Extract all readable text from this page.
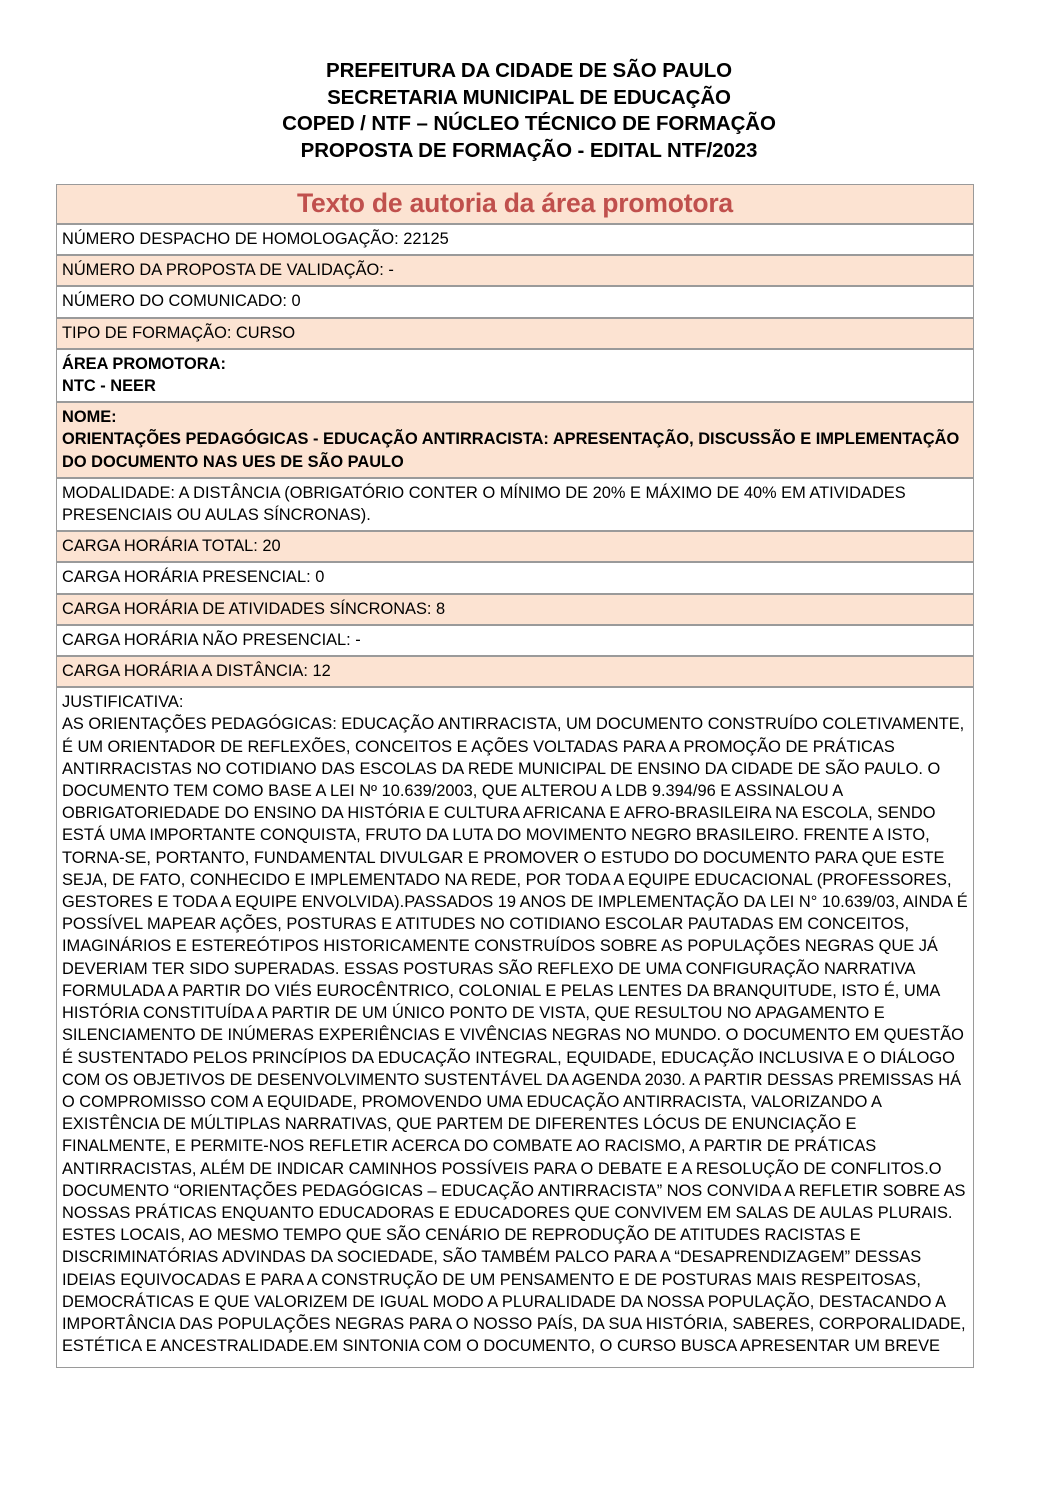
PREFEITURA DA CIDADE DE SÃO PAULO
SECRETARIA MUNICIPAL DE EDUCAÇÃO
COPED / NTF – NÚCLEO TÉCNICO DE FORMAÇÃO
PROPOSTA DE FORMAÇÃO - EDITAL NTF/2023
Texto de autoria da área promotora
NÚMERO DESPACHO DE HOMOLOGAÇÃO: 22125
NÚMERO DA PROPOSTA DE VALIDAÇÃO: -
NÚMERO DO COMUNICADO: 0
TIPO DE FORMAÇÃO: CURSO

ÁREA PROMOTORA:
NTC - NEER

NOME:
ORIENTAÇÕES PEDAGÓGICAS - EDUCAÇÃO ANTIRRACISTA: APRESENTAÇÃO, DISCUSSÃO E IMPLEMENTAÇÃO DO DOCUMENTO NAS UES DE SÃO PAULO

MODALIDADE: A DISTÂNCIA (OBRIGATÓRIO CONTER O MÍNIMO DE 20% E MÁXIMO DE 40% EM ATIVIDADES PRESENCIAIS OU AULAS SÍNCRONAS).
CARGA HORÁRIA TOTAL: 20
CARGA HORÁRIA PRESENCIAL: 0
CARGA HORÁRIA DE ATIVIDADES SÍNCRONAS: 8
CARGA HORÁRIA NÃO PRESENCIAL: -
CARGA HORÁRIA A DISTÂNCIA: 12

JUSTIFICATIVA:
AS ORIENTAÇÕES PEDAGÓGICAS: EDUCAÇÃO ANTIRRACISTA, UM DOCUMENTO CONSTRUÍDO COLETIVAMENTE, É UM ORIENTADOR DE REFLEXÕES, CONCEITOS E AÇÕES VOLTADAS PARA A PROMOÇÃO DE PRÁTICAS ANTIRRACISTAS NO COTIDIANO DAS ESCOLAS DA REDE MUNICIPAL DE ENSINO DA CIDADE DE SÃO PAULO. O DOCUMENTO TEM COMO BASE A LEI Nº 10.639/2003, QUE ALTEROU A LDB 9.394/96 E ASSINALOU A OBRIGATORIEDADE DO ENSINO DA HISTÓRIA E CULTURA AFRICANA E AFRO-BRASILEIRA NA ESCOLA, SENDO ESTÁ UMA IMPORTANTE CONQUISTA, FRUTO DA LUTA DO MOVIMENTO NEGRO BRASILEIRO. FRENTE A ISTO, TORNA-SE, PORTANTO, FUNDAMENTAL DIVULGAR E PROMOVER O ESTUDO DO DOCUMENTO PARA QUE ESTE SEJA, DE FATO, CONHECIDO E IMPLEMENTADO NA REDE, POR TODA A EQUIPE EDUCACIONAL (PROFESSORES, GESTORES E TODA A EQUIPE ENVOLVIDA).PASSADOS 19 ANOS DE IMPLEMENTAÇÃO DA LEI N° 10.639/03, AINDA É POSSÍVEL MAPEAR AÇÕES, POSTURAS E ATITUDES NO COTIDIANO ESCOLAR PAUTADAS EM CONCEITOS, IMAGINÁRIOS E ESTEREÓTIPOS HISTORICAMENTE CONSTRUÍDOS SOBRE AS POPULAÇÕES NEGRAS QUE JÁ DEVERIAM TER SIDO SUPERADAS. ESSAS POSTURAS SÃO REFLEXO DE UMA CONFIGURAÇÃO NARRATIVA FORMULADA A PARTIR DO VIÉS EUROCÊNTRICO, COLONIAL E PELAS LENTES DA BRANQUITUDE, ISTO É, UMA HISTÓRIA CONSTITUÍDA A PARTIR DE UM ÚNICO PONTO DE VISTA, QUE RESULTOU NO APAGAMENTO E SILENCIAMENTO DE INÚMERAS EXPERIÊNCIAS E VIVÊNCIAS NEGRAS NO MUNDO. O DOCUMENTO EM QUESTÃO É SUSTENTADO PELOS PRINCÍPIOS DA EDUCAÇÃO INTEGRAL, EQUIDADE, EDUCAÇÃO INCLUSIVA E O DIÁLOGO COM OS OBJETIVOS DE DESENVOLVIMENTO SUSTENTÁVEL DA AGENDA 2030. A PARTIR DESSAS PREMISSAS HÁ O COMPROMISSO COM A EQUIDADE, PROMOVENDO UMA EDUCAÇÃO ANTIRRACISTA, VALORIZANDO A EXISTÊNCIA DE MÚLTIPLAS NARRATIVAS, QUE PARTEM DE DIFERENTES LÓCUS DE ENUNCIAÇÃO E FINALMENTE, E PERMITE-NOS REFLETIR ACERCA DO COMBATE AO RACISMO, A PARTIR DE PRÁTICAS ANTIRRACISTAS, ALÉM DE INDICAR CAMINHOS POSSÍVEIS PARA O DEBATE E A RESOLUÇÃO DE CONFLITOS.O DOCUMENTO “ORIENTAÇÕES PEDAGÓGICAS – EDUCAÇÃO ANTIRRACISTA” NOS CONVIDA A REFLETIR SOBRE AS NOSSAS PRÁTICAS ENQUANTO EDUCADORAS E EDUCADORES QUE CONVIVEM EM SALAS DE AULAS PLURAIS. ESTES LOCAIS, AO MESMO TEMPO QUE SÃO CENÁRIO DE REPRODUÇÃO DE ATITUDES RACISTAS E DISCRIMINATÓRIAS ADVINDAS DA SOCIEDADE, SÃO TAMBÉM PALCO PARA A “DESAPRENDIZAGEM” DESSAS IDEIAS EQUIVOCADAS E PARA A CONSTRUÇÃO DE UM PENSAMENTO E DE POSTURAS MAIS RESPEITOSAS, DEMOCRÁTICAS E QUE VALORIZEM DE IGUAL MODO A PLURALIDADE DA NOSSA POPULAÇÃO, DESTACANDO A IMPORTÂNCIA DAS POPULAÇÕES NEGRAS PARA O NOSSO PAÍS, DA SUA HISTÓRIA, SABERES, CORPORALIDADE, ESTÉTICA E ANCESTRALIDADE.EM SINTONIA COM O DOCUMENTO, O CURSO BUSCA APRESENTAR UM BREVE
